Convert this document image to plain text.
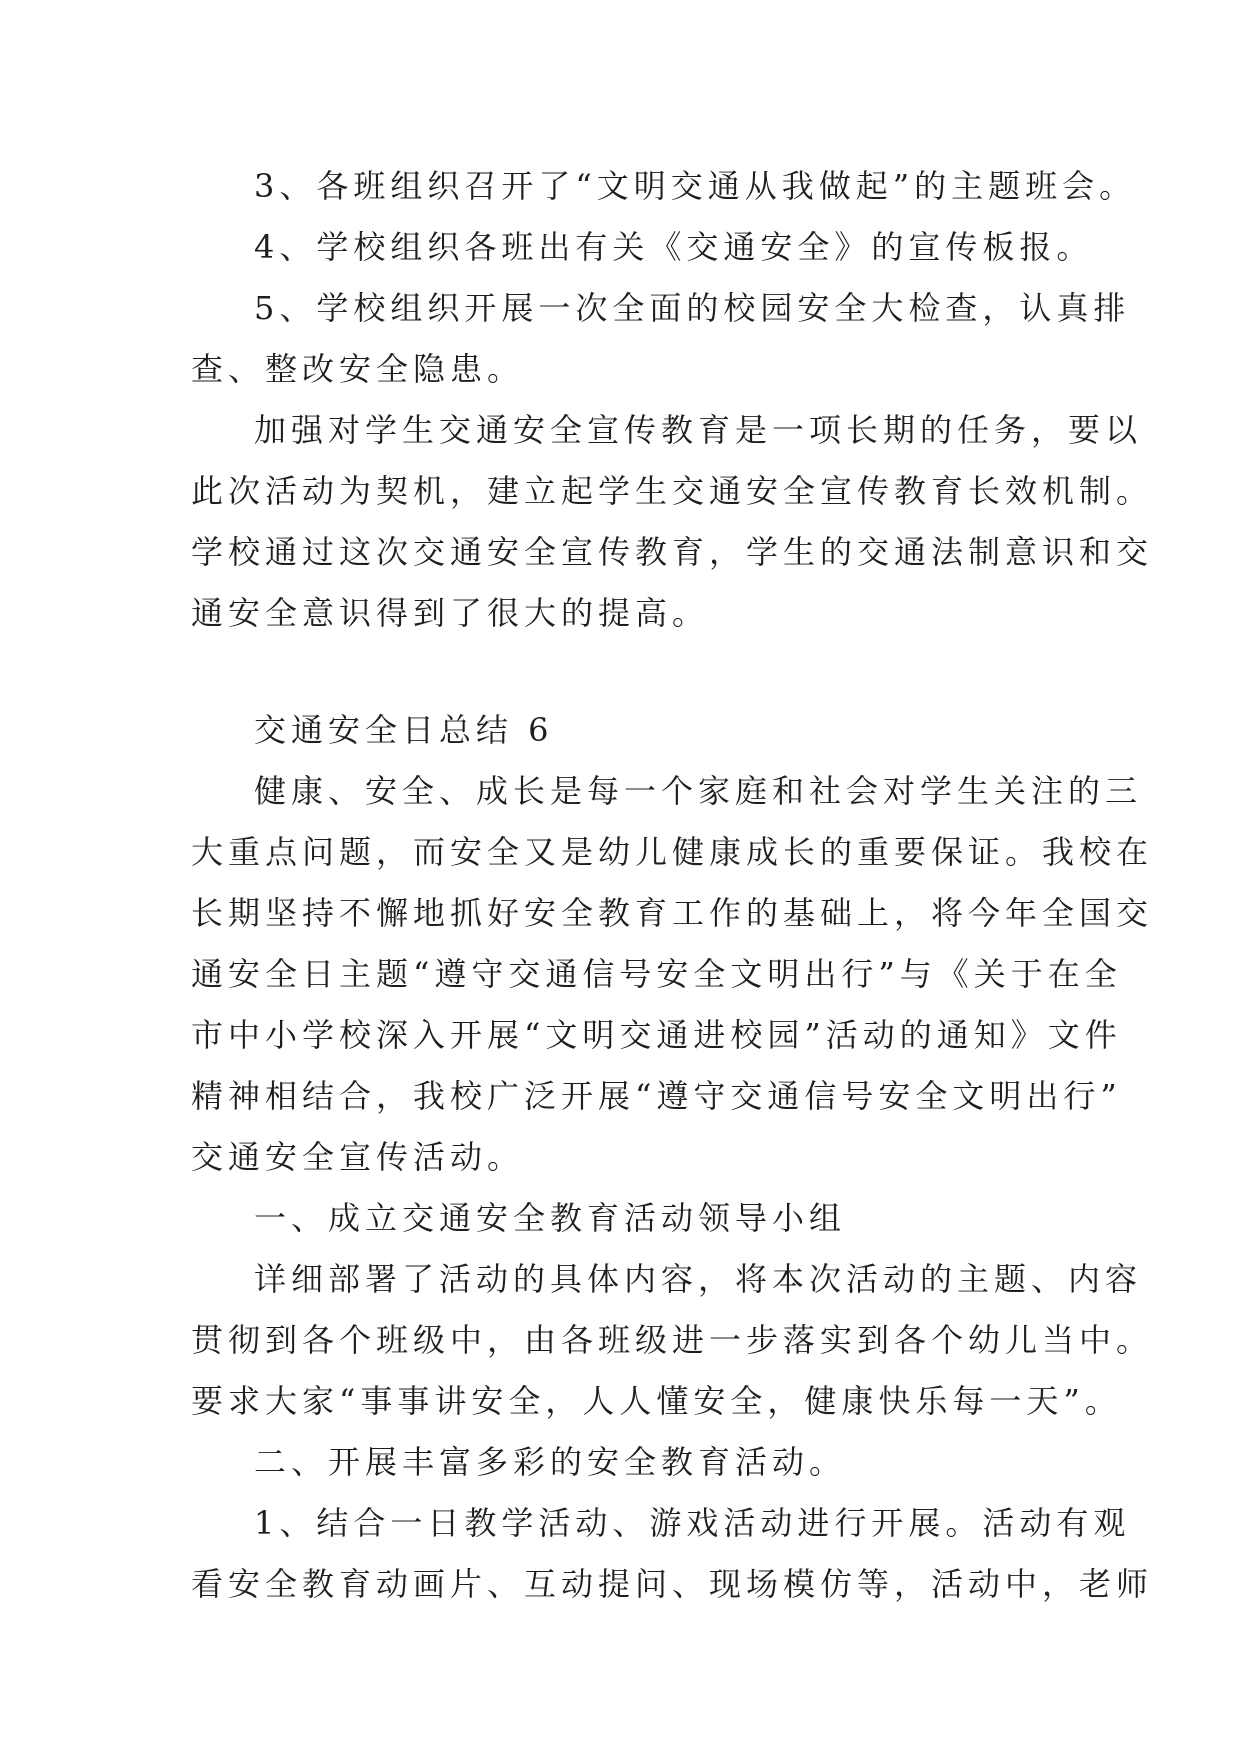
3、各班组织召开了“文明交通从我做起”的主题班会。
4、学校组织各班出有关《交通安全》的宣传板报。
5、学校组织开展一次全面的校园安全大检查，认真排
查、整改安全隐患。
加强对学生交通安全宣传教育是一项长期的任务，要以
此次活动为契机，建立起学生交通安全宣传教育长效机制。
学校通过这次交通安全宣传教育，学生的交通法制意识和交
通安全意识得到了很大的提高。
交通安全日总结 6
健康、安全、成长是每一个家庭和社会对学生关注的三
大重点问题，而安全又是幼儿健康成长的重要保证。我校在
长期坚持不懈地抓好安全教育工作的基础上，将今年全国交
通安全日主题“遵守交通信号安全文明出行”与《关于在全
市中小学校深入开展“文明交通进校园”活动的通知》文件
精神相结合，我校广泛开展“遵守交通信号安全文明出行”
交通安全宣传活动。
一、成立交通安全教育活动领导小组
详细部署了活动的具体内容，将本次活动的主题、内容
贯彻到各个班级中，由各班级进一步落实到各个幼儿当中。
要求大家“事事讲安全，人人懂安全，健康快乐每一天”。
二、开展丰富多彩的安全教育活动。
1、结合一日教学活动、游戏活动进行开展。活动有观
看安全教育动画片、互动提问、现场模仿等，活动中，老师
